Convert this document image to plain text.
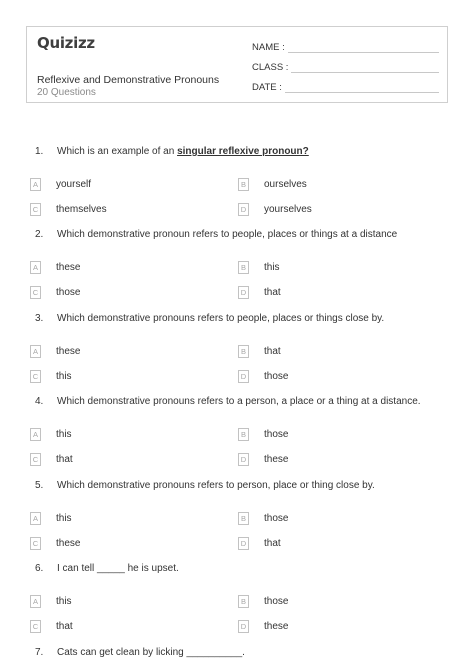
Quizizz
Reflexive and Demonstrative Pronouns
20 Questions
NAME :
CLASS :
DATE :
1. Which is an example of an singular reflexive pronoun?
A	yourself	B	ourselves
C themselves	D yourselves
2. Which demonstrative pronoun refers to people, places or things at a distance
A	these	B	this
C those	D that
3. Which demonstrative pronouns refers to people, places or things close by.
A	these	B	that
C this	D those
4. Which demonstrative pronouns refers to a person, a place or a thing at a distance.
A	this	B	those
C that	D these
5. Which demonstrative pronouns refers to person, place or thing close by.
A	this	B	those
C these	D that
6. I can tell _____ he is upset.
A	this	B	those
C that	D these
7. Cats can get clean by licking __________.
